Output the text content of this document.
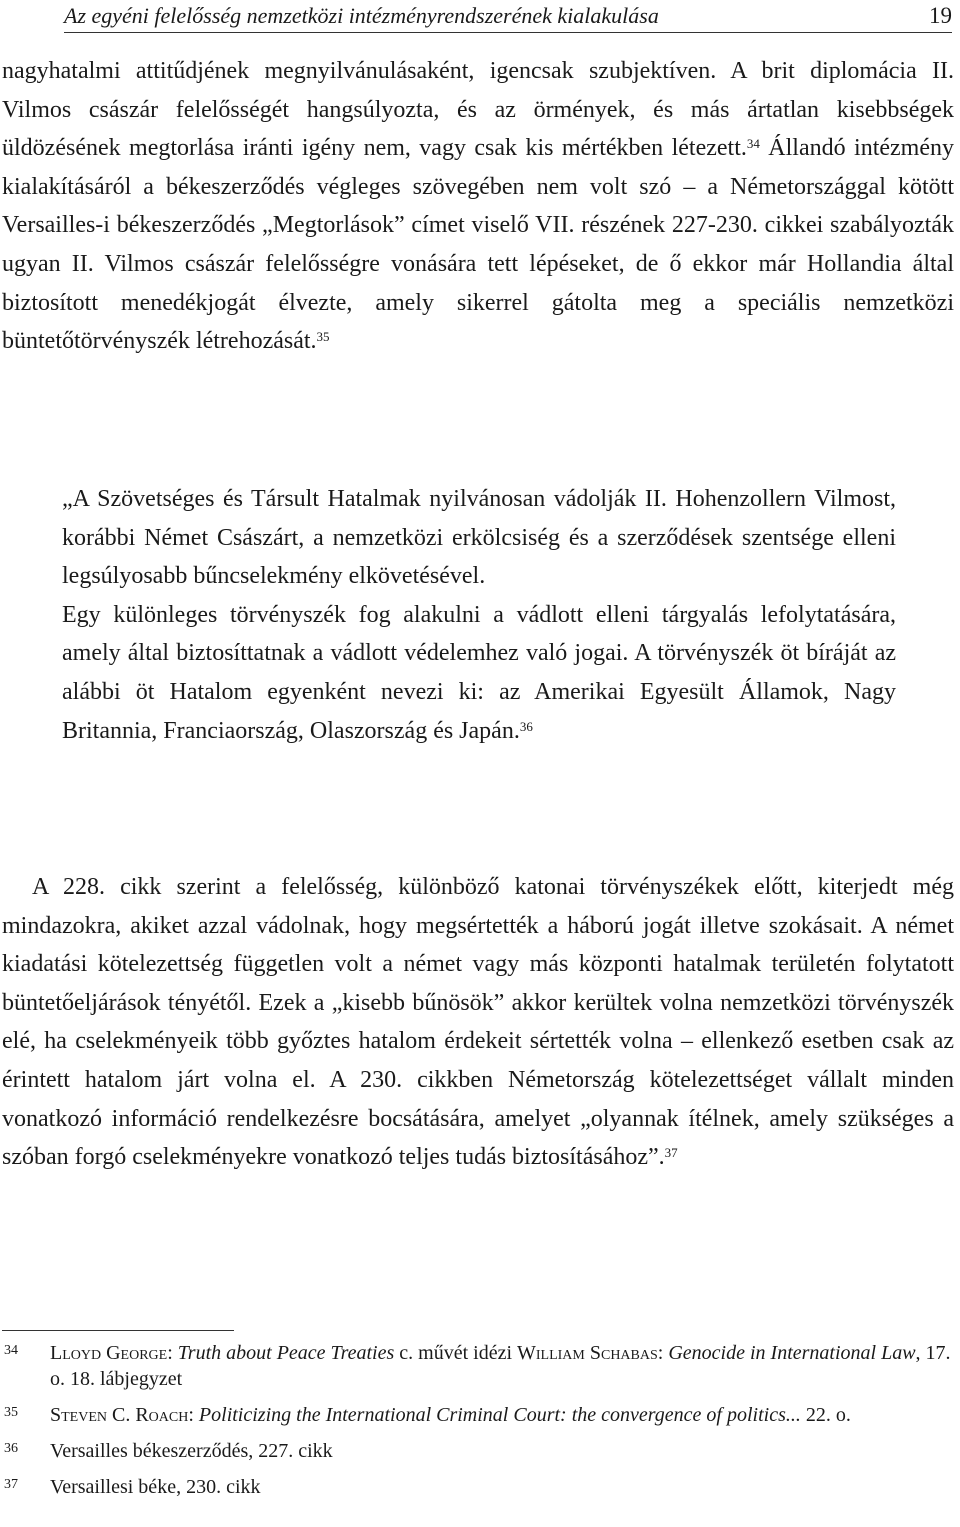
Az egyéni felelősség nemzetközi intézményrendszerének kialakulása	19

nagyhatalmi attitűdjének megnyilvánulásaként, igencsak szubjektíven. A brit diplomácia II. Vilmos császár felelősségét hangsúlyozta, és az örmények, és más ártatlan kisebbségek üldözésének megtorlása iránti igény nem, vagy csak kis mértékben létezett.$^{34}$ Állandó intézmény kialakításáról a békeszerződés végleges szövegében nem volt szó – a Németországgal kötött Versailles-i békeszerződés „Megtorlások” címet viselő VII. részének 227-230. cikkei szabályozták ugyan II. Vilmos császár felelősségre vonására tett lépéseket, de ő ekkor már Hollandia által biztosított menedékjogát élvezte, amely sikerrel gátolta meg a speciális nemzetközi büntetőtörvényszék létrehozását.$^{35}$

„A Szövetséges és Társult Hatalmak nyilvánosan vádolják II. Hohenzollern Vilmost, korábbi Német Császárt, a nemzetközi erkölcsiség és a szerződések szentsége elleni legsúlyosabb bűncselekmény elkövetésével.

Egy különleges törvényszék fog alakulni a vádlott elleni tárgyalás lefolytatására, amely által biztosíttatnak a vádlott védelemhez való jogai. A törvényszék öt bíráját az alábbi öt Hatalom egyenként nevezi ki: az Amerikai Egyesült Államok, Nagy Britannia, Franciaország, Olaszország és Japán.$^{36}$

A 228. cikk szerint a felelősség, különböző katonai törvényszékek előtt, kiterjedt még mindazokra, akiket azzal vádolnak, hogy megsértették a háború jogát illetve szokásait. A német kiadatási kötelezettség független volt a német vagy más központi hatalmak területén folytatott büntetőeljárások tényétől. Ezek a „kisebb bűnösök” akkor kerültek volna nemzetközi törvényszék elé, ha cselekményeik több győztes hatalom érdekeit sértették volna – ellenkező esetben csak az érintett hatalom járt volna el. A 230. cikkben Németország kötelezettséget vállalt minden vonatkozó információ rendelkezésre bocsátására, amelyet „olyannak ítélnek, amely szükséges a szóban forgó cselekményekre vonatkozó teljes tudás biztosításához”.$^{37}$

34 Lloyd George: Truth about Peace Treaties c. művét idézi William Schabas: Genocide in International Law, 17. o. 18. lábjegyzet
35 Steven C. Roach: Politicizing the International Criminal Court: the convergence of politics... 22. o.
36 Versailles békeszerződés, 227. cikk
37 Versaillesi béke, 230. cikk
